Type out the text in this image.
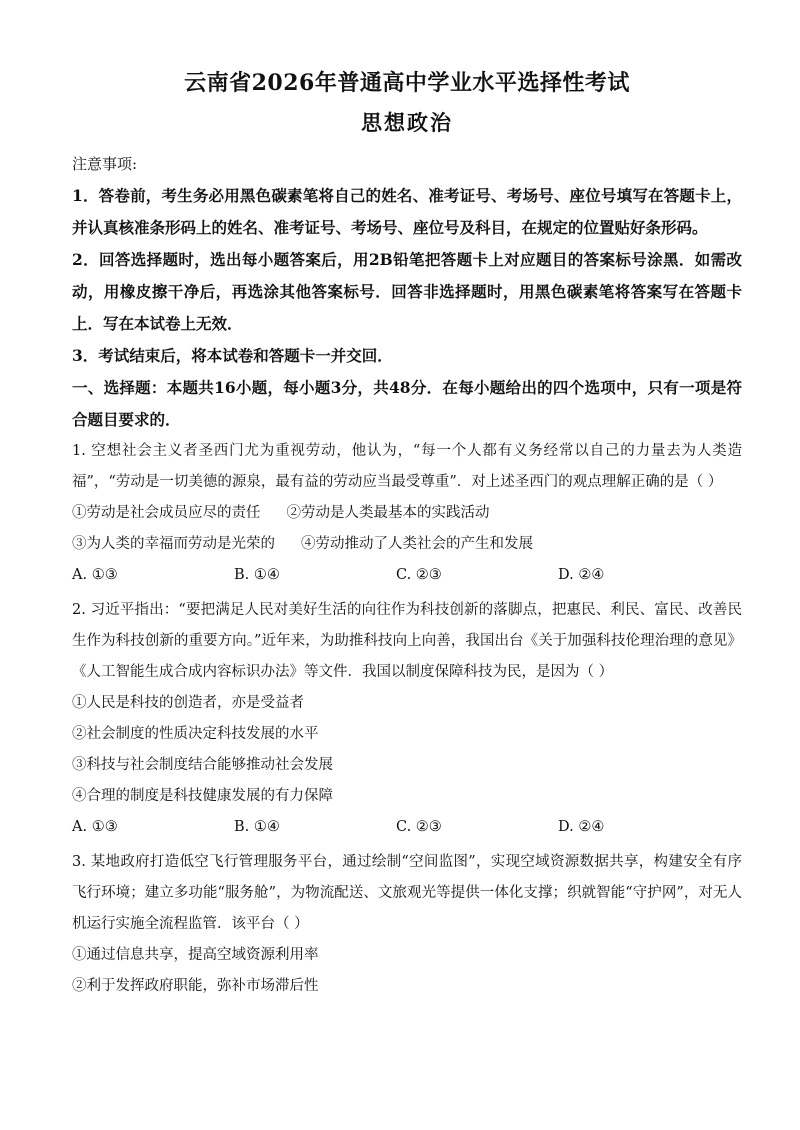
云南省2026年普通高中学业水平选择性考试
思想政治

注意事项:

1．答卷前，考生务必用黑色碳素笔将自己的姓名、准考证号、考场号、座位号填写在答题卡上，并认真核准条形码上的姓名、准考证号、考场号、座位号及科目，在规定的位置贴好条形码。

2．回答选择题时，选出每小题答案后，用2B铅笔把答题卡上对应题目的答案标号涂黑．如需改动，用橡皮擦干净后，再选涂其他答案标号．回答非选择题时，用黑色碳素笔将答案写在答题卡上．写在本试卷上无效．

3．考试结束后，将本试卷和答题卡一并交回．

一、选择题：本题共16小题，每小题3分，共48分．在每小题给出的四个选项中，只有一项是符合题目要求的．

1. 空想社会主义者圣西门尤为重视劳动，他认为，“每一个人都有义务经常以自己的力量去为人类造福”，“劳动是一切美德的源泉，最有益的劳动应当最受尊重”．对上述圣西门的观点理解正确的是（ ）

①劳动是社会成员应尽的责任 ②劳动是人类最基本的实践活动

③为人类的幸福而劳动是光荣的 ④劳动推动了人类社会的产生和发展

A. ①③	B. ①④	C. ②③	D. ②④

2. 习近平指出：“要把满足人民对美好生活的向往作为科技创新的落脚点，把惠民、利民、富民、改善民生作为科技创新的重要方向。”近年来，为助推科技向上向善，我国出台《关于加强科技伦理治理的意见》《人工智能生成合成内容标识办法》等文件．我国以制度保障科技为民，是因为（ ）

①人民是科技的创造者，亦是受益者

②社会制度的性质决定科技发展的水平

③科技与社会制度结合能够推动社会发展

④合理的制度是科技健康发展的有力保障

A. ①③	B. ①④	C. ②③	D. ②④

3. 某地政府打造低空飞行管理服务平台，通过绘制“空间监图”，实现空域资源数据共享，构建安全有序飞行环境；建立多功能“服务舱”，为物流配送、文旅观光等提供一体化支撑；织就智能“守护网”，对无人机运行实施全流程监管．该平台（ ）

①通过信息共享，提高空域资源利用率

②利于发挥政府职能，弥补市场滞后性
